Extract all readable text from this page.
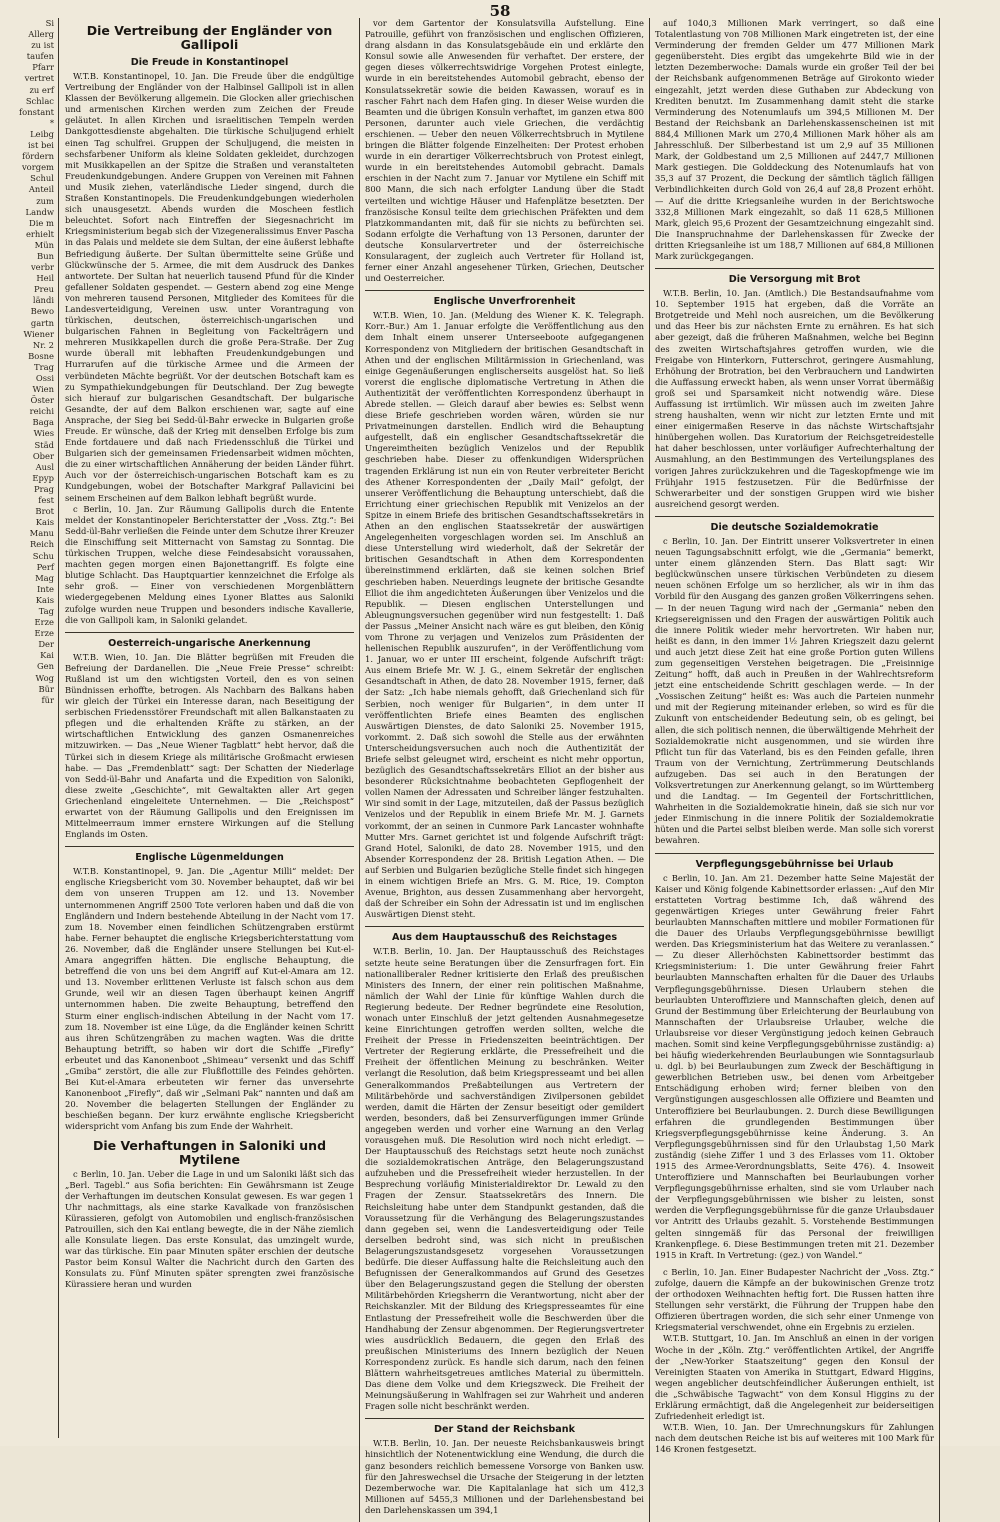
58

Si

Allerg

zu ist

taufen

Pfarr

vertret

zu erf

Schlac

fonstant

*

Leibg

ist bei

fördern

vorgem

Schul

Anteil

zum

Landw

Die m

erhielt

Mün

Bun

verbr

Heil

Preu

ländi

Bewo

gartn

Wiener

Nr. 2

Bosne

Trag

Ossi

Wien

Öster

reichi

Baga

Wies

Städ

Ober

Ausl

Epyp

Prag

fest

Brot

Kais

Manu

Reich

Schu

Perf

Mag

Inte

Kais

Tag

Erze

Erze

Der

Kai

Gen

Wog

Bür

für

Die Vertreibung der Engländer von Gallipoli
Die Freude in Konstantinopel

W.T.B. Konstantinopel, 10. Jan. Die Freude über die endgültige Vertreibung der Engländer von der Halbinsel Gallipoli ist in allen Klassen der Bevölkerung allgemein. Die Glocken aller griechischen und armenischen Kirchen werden zum Zeichen der Freude geläutet. In allen Kirchen und israelitischen Tempeln werden Dankgottesdienste abgehalten. Die türkische Schuljugend erhielt einen Tag schulfrei. Gruppen der Schuljugend, die meisten in sechsfarbener Uniform als kleine Soldaten gekleidet, durchzogen mit Musikkapellen an der Spitze die Straßen und veranstalteten Freudenkundgebungen. Andere Gruppen von Vereinen mit Fahnen und Musik ziehen, vaterländische Lieder singend, durch die Straßen Konstantinopels. Die Freudenkundgebungen wiederholen sich unausgesetzt. Abends wurden die Moscheen festlich beleuchtet. Sofort nach Eintreffen der Siegesnachricht im Kriegsministerium begab sich der Vizegeneralissimus Enver Pascha in das Palais und meldete sie dem Sultan, der eine äußerst lebhafte Befriedigung äußerte. Der Sultan übermittelte seine Grüße und Glückwünsche der 5. Armee, die mit dem Ausdruck des Dankes antwortete. Der Sultan hat neuerlich tausend Pfund für die Kinder gefallener Soldaten gespendet. — Gestern abend zog eine Menge von mehreren tausend Personen, Mitglieder des Komitees für die Landesverteidigung, Vereinen usw. unter Vorantragung von türkischen, deutschen, österreichisch-ungarischen und bulgarischen Fahnen in Begleitung von Fackelträgern und mehreren Musikkapellen durch die große Pera-Straße. Der Zug wurde überall mit lebhaften Freudenkundgebungen und Hurrarufen auf die türkische Armee und die Armeen der verbündeten Mächte begrüßt. Vor der deutschen Botschaft kam es zu Sympathiekundgebungen für Deutschland. Der Zug bewegte sich hierauf zur bulgarischen Gesandtschaft. Der bulgarische Gesandte, der auf dem Balkon erschienen war, sagte auf eine Ansprache, der Sieg bei Sedd-ül-Bahr erwecke in Bulgarien große Freude. Er wünsche, daß der Krieg mit denselben Erfolge bis zum Ende fortdauere und daß nach Friedensschluß die Türkei und Bulgarien sich der gemeinsamen Friedensarbeit widmen möchten, die zu einer wirtschaftlichen Annäherung der beiden Länder führt. Auch vor der österreichisch-ungarischen Botschaft kam es zu Kundgebungen, wobei der Botschafter Markgraf Pallavicini bei seinem Erscheinen auf dem Balkon lebhaft begrüßt wurde.

c Berlin, 10. Jan. Zur Räumung Gallipolis durch die Entente meldet der Konstantinopeler Berichterstatter der „Voss. Ztg.“: Bei Sedd-ül-Bahr verließen die Feinde unter dem Schutze ihrer Kreuzer die Einschiffung seit Mitternacht von Samstag zu Sonntag. Die türkischen Truppen, welche diese Feindesabsicht voraussahen, machten gegen morgen einen Bajonettangriff. Es folgte eine blutige Schlacht. Das Hauptquartier kennzeichnet die Erfolge als sehr groß. — Einer von verschiedenen Morgenblättern wiedergegebenen Meldung eines Lyoner Blattes aus Saloniki zufolge wurden neue Truppen und besonders indische Kavallerie, die von Gallipoli kam, in Saloniki gelandet.

Oesterreich-ungarische Anerkennung

W.T.B. Wien, 10. Jan. Die Blätter begrüßen mit Freuden die Befreiung der Dardanellen. Die „Neue Freie Presse“ schreibt: Rußland ist um den wichtigsten Vorteil, den es von seinen Bündnissen erhoffte, betrogen. Als Nachbarn des Balkans haben wir gleich der Türkei ein Interesse daran, nach Beseitigung der serbischen Friedensstörer Freundschaft mit allen Balkanstaaten zu pflegen und die erhaltenden Kräfte zu stärken, an der wirtschaftlichen Entwicklung des ganzen Osmanenreiches mitzuwirken. — Das „Neue Wiener Tagblatt“ hebt hervor, daß die Türkei sich in diesem Kriege als militärische Großmacht erwiesen habe. — Das „Fremdenblatt“ sagt: Der Schatten der Niederlage von Sedd-ül-Bahr und Anafarta und die Expedition von Saloniki, diese zweite „Geschichte“, mit Gewaltakten aller Art gegen Griechenland eingeleitete Unternehmen. — Die „Reichspost“ erwartet von der Räumung Gallipolis und den Ereignissen im Mittelmeerraum immer ernstere Wirkungen auf die Stellung Englands im Osten.

Englische Lügenmeldungen

W.T.B. Konstantinopel, 9. Jan. Die „Agentur Milli“ meldet: Der englische Kriegsbericht vom 30. November behauptet, daß wir bei dem von unseren Truppen am 12. und 13. November unternommenen Angriff 2500 Tote verloren haben und daß die von Engländern und Indern bestehende Abteilung in der Nacht vom 17. zum 18. November einen feindlichen Schützengraben erstürmt habe. Ferner behauptet die englische Kriegsberichterstattung vom 26. November, daß die Engländer unsere Stellungen bei Kut-el-Amara angegriffen hätten. Die englische Behauptung, die betreffend die von uns bei dem Angriff auf Kut-el-Amara am 12. und 13. November erlittenen Verluste ist falsch schon aus dem Grunde, weil wir an diesen Tagen überhaupt keinen Angriff unternommen haben. Die zweite Behauptung, betreffend den Sturm einer englisch-indischen Abteilung in der Nacht vom 17. zum 18. November ist eine Lüge, da die Engländer keinen Schritt aus ihren Schützengräben zu machen wagten. Was die dritte Behauptung betrifft, so haben wir dort die Schiffe „Firefly“ erbeutet und das Kanonenboot „Shimeau“ versenkt und das Schiff „Gmiba“ zerstört, die alle zur Flußflottille des Feindes gehörten. Bei Kut-el-Amara erbeuteten wir ferner das unversehrte Kanonenboot „Firefly“, daß wir „Selmani Pak“ nannten und daß am 20. November die belagerten Stellungen der Engländer zu beschießen begann. Der kurz erwähnte englische Kriegsbericht widerspricht vom Anfang bis zum Ende der Wahrheit.

Die Verhaftungen in Saloniki und Mytilene

c Berlin, 10. Jan. Ueber die Lage in und um Saloniki läßt sich das „Berl. Tagebl.“ aus Sofia berichten: Ein Gewährsmann ist Zeuge der Verhaftungen im deutschen Konsulat gewesen. Es war gegen 1 Uhr nachmittags, als eine starke Kavalkade von französischen Kürassieren, gefolgt von Automobilen und englisch-französischen Patrouillen, sich den Kai entlang bewegte, die in der Nähe ziemlich alle Konsulate liegen. Das erste Konsulat, das umzingelt wurde, war das türkische. Ein paar Minuten später erschien der deutsche Pastor beim Konsul Walter die Nachricht durch den Garten des Konsulats zu. Fünf Minuten später sprengten zwei französische Kürassiere heran und wurden

vor dem Gartentor der Konsulatsvilla Aufstellung. Eine Patrouille, geführt von französischen und englischen Offizieren, drang alsdann in das Konsulatsgebäude ein und erklärte den Konsul sowie alle Anwesenden für verhaftet. Der erstere, der gegen dieses völkerrechtswidrige Vorgehen Protest einlegte, wurde in ein bereitstehendes Automobil gebracht, ebenso der Konsulatssekretär sowie die beiden Kawassen, worauf es in rascher Fahrt nach dem Hafen ging. In dieser Weise wurden die Beamten und die übrigen Konsuln verhaftet, im ganzen etwa 800 Personen, darunter auch viele Griechen, die verdächtig erschienen. — Ueber den neuen Völkerrechtsbruch in Mytilene bringen die Blätter folgende Einzelheiten: Der Protest erhoben wurde in ein derartiger Völkerrechtsbruch von Protest einlegt, wurde in ein bereitstehendes Automobil gebracht. Damals erschien in der Nacht zum 7. Januar vor Mytilene ein Schiff mit 800 Mann, die sich nach erfolgter Landung über die Stadt verteilten und wichtige Häuser und Hafenplätze besetzten. Der französische Konsul teilte dem griechischen Präfekten und dem Platzkommandanten mit, daß für sie nichts zu befürchten sei. Sodann erfolgte die Verhaftung von 13 Personen, darunter der deutsche Konsularvertreter und der österreichische Konsularagent, der zugleich auch Vertreter für Holland ist, ferner einer Anzahl angesehener Türken, Griechen, Deutscher und Oesterreicher.

Englische Unverfrorenheit

W.T.B. Wien, 10. Jan. (Meldung des Wiener K. K. Telegraph. Korr.-Bur.) Am 1. Januar erfolgte die Veröffentlichung aus den dem Inhalt einem unserer Unterseeboote aufgegangenen Korrespondenz von Mitgliedern der britischen Gesandtschaft in Athen und der englischen Militärmission in Griechenland, was einige Gegenäußerungen englischerseits ausgelöst hat. So ließ vorerst die englische diplomatische Vertretung in Athen die Authentizität der veröffentlichten Korrespondenz überhaupt in Abrede stellen. — Gleich darauf aber bewies es: Selbst wenn diese Briefe geschrieben worden wären, würden sie nur Privatmeinungen darstellen. Endlich wird die Behauptung aufgestellt, daß ein englischer Gesandtschaftssekretär die Ungereimtheiten bezüglich Venizelos und der Republik geschrieben habe. Dieser zu offenkundigen Widersprüchen tragenden Erklärung ist nun ein von Reuter verbreiteter Bericht des Athener Korrespondenten der „Daily Mail“ gefolgt, der unserer Veröffentlichung die Behauptung unterschiebt, daß die Errichtung einer griechischen Republik mit Venizelos an der Spitze in einem Briefe des britischen Gesandtschaftssekretärs in Athen an den englischen Staatssekretär der auswärtigen Angelegenheiten vorgeschlagen worden sei. Im Anschluß an diese Unterstellung wird wiederholt, daß der Sekretär der britischen Gesandtschaft in Athen dem Korrespondenten übereinstimmend erklärten, daß sie keinen solchen Brief geschrieben haben. Neuerdings leugnete der britische Gesandte Elliot die ihm angedichteten Äußerungen über Venizelos und die Republik. — Diesen englischen Unterstellungen und Ableugnungsversuchen gegenüber wird nun festgestellt: 1. Daß der Passus „Meiner Ansicht nach wäre es gut bleiben, den König vom Throne zu verjagen und Venizelos zum Präsidenten der hellenischen Republik auszurufen“, in der Veröffentlichung vom 1. Januar, wo er unter III erscheint, folgende Aufschrift trägt: Aus einem Briefe Mr. W. J. G., einem Sekretär der englischen Gesandtschaft in Athen, de dato 28. November 1915, ferner, daß der Satz: „Ich habe niemals gehofft, daß Griechenland sich für Serbien, noch weniger für Bulgarien“, in dem unter II veröffentlichten Briefe eines Beamten des englischen Auswärtigen Dienstes, de dato Saloniki 25. November 1915, vorkommt. 2. Daß sich sowohl die Stelle aus der erwähnten Unterscheidungsversuchen auch noch die Authentizität der Briefe selbst geleugnet wird, erscheint es nicht mehr opportun, bezüglich des Gesandtschaftssekretärs Elliot an der bisher aus besonderer Rücksichtnahme beobachteten Gepflogenheit der vollen Namen der Adressaten und Schreiber länger festzuhalten. Wir sind somit in der Lage, mitzuteilen, daß der Passus bezüglich Venizelos und der Republik in einem Briefe Mr. M. J. Garnets vorkommt, der an seinen in Cunmore Park Lancaster wohnhafte Mutter Mrs. Garnet gerichtet ist und folgende Aufschrift trägt: Grand Hotel, Saloniki, de dato 28. November 1915, und den Absender Korrespondenz der 28. British Legation Athen. — Die auf Serbien und Bulgarien bezügliche Stelle findet sich hingegen in einem wichtigen Briefe an Mrs. G. M. Rice, 19. Compton Avenue, Brighton, aus dessen Zusammenhang aber hervorgeht, daß der Schreiber ein Sohn der Adressatin ist und im englischen Auswärtigen Dienst steht.

Aus dem Hauptausschuß des Reichstages

W.T.B. Berlin, 10. Jan. Der Hauptausschuß des Reichstages setzte heute seine Beratungen über die Zensurfragen fort. Ein nationalliberaler Redner kritisierte den Erlaß des preußischen Ministers des Innern, der einer rein politischen Maßnahme, nämlich der Wahl der Linie für künftige Wahlen durch die Regierung bedeute. Der Redner begründete eine Resolution, wonach unter Einschluß der jetzt geltenden Ausnahmegesetze keine Einrichtungen getroffen werden sollten, welche die Freiheit der Presse in Friedenszeiten beeinträchtigen. Der Vertreter der Regierung erklärte, die Pressefreiheit und die Freiheit der öffentlichen Meinung zu beschränken. Weiter verlangt die Resolution, daß beim Kriegspresseamt und bei allen Generalkommandos Preßabteilungen aus Vertretern der Militärbehörde und sachverständigen Zivilpersonen gebildet werden, damit die Härten der Zensur beseitigt oder gemildert werden, besonders, daß bei Zensurverfügungen immer Gründe angegeben werden und vorher eine Warnung an den Verlag vorausgehen muß. Die Resolution wird noch nicht erledigt. — Der Hauptausschuß des Reichstags setzt heute noch zunächst die sozialdemokratischen Anträge, den Belagerungszustand aufzuheben und die Pressefreiheit wieder herzustellen. In der Besprechung vorläufig Ministerialdirektor Dr. Lewald zu den Fragen der Zensur. Staatssekretärs des Innern. Die Reichsleitung habe unter dem Standpunkt gestanden, daß die Voraussetzung für die Verhängung des Belagerungszustandes dann gegeben sei, wenn die Landesverteidigung oder Teile derselben bedroht sind, was sich nicht in preußischen Belagerungszustandsgesetz vorgesehen Voraussetzungen bedürfe. Die dieser Auffassung halte die Reichsleitung auch den Befugnissen der Generalkommandos auf Grund des Gesetzes über den Belagerungszustand gegen die Stellung der obersten Militärbehörden Kriegsherrn die Verantwortung, nicht aber der Reichskanzler. Mit der Bildung des Kriegspresseamtes für eine Entlastung der Pressefreiheit wolle die Beschwerden über die Handhabung der Zensur abgenommen. Der Regierungsvertreter wies ausdrücklich Bedauern, die gegen den Erlaß des preußischen Ministeriums des Innern bezüglich der Neuen Korrespondenz zurück. Es handle sich darum, nach den feinen Blättern wahrheitsgetreues amtliches Material zu übermitteln. Das diene dem Volke und dem Kriegszweck. Die Freiheit der Meinungsäußerung in Wahlfragen sei zur Wahrheit und anderen Fragen solle nicht beschränkt werden.

Der Stand der Reichsbank

W.T.B. Berlin, 10. Jan. Der neueste Reichsbankausweis bringt hinsichtlich der Notenentwicklung eine Wendung, die durch die ganz besonders reichlich bemessene Vorsorge von Banken usw. für den Jahreswechsel die Ursache der Steigerung in der letzten Dezemberwoche war. Die Kapitalanlage hat sich um 412,3 Millionen auf 5455,3 Millionen und der Darlehensbestand bei den Darlehenskassen um 394,1

auf 1040,3 Millionen Mark verringert, so daß eine Totalentlastung von 708 Millionen Mark eingetreten ist, der eine Verminderung der fremden Gelder um 477 Millionen Mark gegenübersteht. Dies ergibt das umgekehrte Bild wie in der letzten Dezemberwoche: Damals wurde ein großer Teil der bei der Reichsbank aufgenommenen Beträge auf Girokonto wieder eingezahlt, jetzt werden diese Guthaben zur Abdeckung von Krediten benutzt. Im Zusammenhang damit steht die starke Verminderung des Notenumlaufs um 394,5 Millionen M. Der Bestand der Reichsbank an Darlehenskassenscheinen ist mit 884,4 Millionen Mark um 270,4 Millionen Mark höher als am Jahresschluß. Der Silberbestand ist um 2,9 auf 35 Millionen Mark, der Goldbestand um 2,5 Millionen auf 2447,7 Millionen Mark gestiegen. Die Golddeckung des Notenumlaufs hat von 35,3 auf 37 Prozent, die Deckung der sämtlich täglich fälligen Verbindlichkeiten durch Gold von 26,4 auf 28,8 Prozent erhöht. — Auf die dritte Kriegsanleihe wurden in der Berichtswoche 332,8 Millionen Mark eingezahlt, so daß 11 628,5 Millionen Mark, gleich 95,6 Prozent der Gesamtzeichnung eingezahlt sind. Die Inanspruchnahme der Darlehenskassen für Zwecke der dritten Kriegsanleihe ist um 188,7 Millionen auf 684,8 Millionen Mark zurückgegangen.

Die Versorgung mit Brot

W.T.B. Berlin, 10. Jan. (Amtlich.) Die Bestandsaufnahme vom 10. September 1915 hat ergeben, daß die Vorräte an Brotgetreide und Mehl noch ausreichen, um die Bevölkerung und das Heer bis zur nächsten Ernte zu ernähren. Es hat sich aber gezeigt, daß die früheren Maßnahmen, welche bei Beginn des zweiten Wirtschaftsjahres getroffen wurden, wie die Freigabe von Hinterkorn, Futterschrot, geringere Ausmahlung, Erhöhung der Brotration, bei den Verbrauchern und Landwirten die Auffassung erweckt haben, als wenn unser Vorrat übermäßig groß sei und Sparsamkeit nicht notwendig wäre. Diese Auffassung ist irrtümlich. Wir müssen auch im zweiten Jahre streng haushalten, wenn wir nicht zur letzten Ernte und mit einer einigermaßen Reserve in das nächste Wirtschaftsjahr hinübergehen wollen. Das Kuratorium der Reichsgetreidestelle hat daher beschlossen, unter vorläufiger Aufrechterhaltung der Ausmahlung, an den Bestimmungen des Verteilungsplanes des vorigen Jahres zurückzukehren und die Tageskopfmenge wie im Frühjahr 1915 festzusetzen. Für die Bedürfnisse der Schwerarbeiter und der sonstigen Gruppen wird wie bisher ausreichend gesorgt werden.

Die deutsche Sozialdemokratie

c Berlin, 10. Jan. Der Eintritt unserer Volksvertreter in einen neuen Tagungsabschnitt erfolgt, wie die „Germania“ bemerkt, unter einem glänzenden Stern. Das Blatt sagt: Wir beglückwünschen unsere türkischen Verbündeten zu diesem neuen schönen Erfolge um so herzlicher, als wir in ihm das Vorbild für den Ausgang des ganzen großen Völkerringens sehen. — In der neuen Tagung wird nach der „Germania“ neben den Kriegsereignissen und den Fragen der auswärtigen Politik auch die innere Politik wieder mehr hervortreten. Wir haben nur, heißt es dann, in den immer 1½ Jahren Kriegszeit dazu gelernt und auch jetzt diese Zeit hat eine große Portion guten Willens zum gegenseitigen Verstehen beigetragen. Die „Freisinnige Zeitung“ hofft, daß auch in Preußen in der Wahlrechtsreform jetzt eine entscheidende Schritt geschlagen werde. — In der „Vossischen Zeitung“ heißt es: Was auch die Parteien nunmehr und mit der Regierung miteinander erleben, so wird es für die Zukunft von entscheidender Bedeutung sein, ob es gelingt, bei allen, die sich politisch nennen, die überwältigende Mehrheit der Sozialdemokratie nicht ausgenommen, und sie würden ihre Pflicht tun für das Vaterland, bis es den Feinden gefalle, ihren Traum von der Vernichtung, Zertrümmerung Deutschlands aufzugeben. Das sei auch in den Beratungen der Volksvertretungen zur Anerkennung gelangt, so im Württemberg und die Landtag. — Im Gegenteil der Fortschrittlichen, Wahrheiten in die Sozialdemokratie hinein, daß sie sich nur vor jeder Einmischung in die innere Politik der Sozialdemokratie hüten und die Partei selbst bleiben werde. Man solle sich vorerst bewahren.

Verpflegungsgebührnisse bei Urlaub

c Berlin, 10. Jan. Am 21. Dezember hatte Seine Majestät der Kaiser und König folgende Kabinettsorder erlassen: „Auf den Mir erstatteten Vortrag bestimme Ich, daß während des gegenwärtigen Krieges unter Gewährung freier Fahrt beurlaubten Mannschaften mittlere und mobiler Formationen für die Dauer des Urlaubs Verpflegungsgebührnisse bewilligt werden. Das Kriegsministerium hat das Weitere zu veranlassen.“ — Zu dieser Allerhöchsten Kabinettsorder bestimmt das Kriegsministerium: 1. Die unter Gewährung freier Fahrt beurlaubten Mannschaften erhalten für die Dauer des Urlaubs Verpflegungsgebührnisse. Diesen Urlaubern stehen die beurlaubten Unteroffiziere und Mannschaften gleich, denen auf Grund der Bestimmung über Erleichterung der Beurlaubung von Mannschaften der Urlaubsreise Urlauber, welche die Urlaubsreise vor dieser Vergünstigung jedoch keinen Gebrauch machen. Somit sind keine Verpflegungsgebührnisse zuständig: a) bei häufig wiederkehrenden Beurlaubungen wie Sonntagsurlaub u. dgl. b) bei Beurlaubungen zum Zweck der Beschäftigung in gewerblichen Betrieben usw., bei denen vom Arbeitgeber Entschädigung erhoben wird; ferner bleiben von den Vergünstigungen ausgeschlossen alle Offiziere und Beamten und Unteroffiziere bei Beurlaubungen. 2. Durch diese Bewilligungen erfahren die grundlegenden Bestimmungen über Kriegsverpflegungsgebührnisse keine Änderung. 3. An Verpflegungsgebührnissen sind für den Urlaubstag 1,50 Mark zuständig (siehe Ziffer 1 und 3 des Erlasses vom 11. Oktober 1915 des Armee-Verordnungsblatts, Seite 476). 4. Insoweit Unteroffiziere und Mannschaften bei Beurlaubungen vorher Verpflegungsgebührnisse erhalten, sind sie vom Urlauber nach der Verpflegungsgebührnissen wie bisher zu leisten, sonst werden die Verpflegungsgebührnisse für die ganze Urlaubsdauer vor Antritt des Urlaubs gezahlt. 5. Vorstehende Bestimmungen gelten sinngemäß für das Personal der freiwilligen Krankenpflege. 6. Diese Bestimmungen treten mit 21. Dezember 1915 in Kraft. In Vertretung: (gez.) von Wandel.“

c Berlin, 10. Jan. Einer Budapester Nachricht der „Voss. Ztg.“ zufolge, dauern die Kämpfe an der bukowinischen Grenze trotz der orthodoxen Weihnachten heftig fort. Die Russen hatten ihre Stellungen sehr verstärkt, die Führung der Truppen habe den Offizieren übertragen worden, die sich sehr einer Unmenge von Kriegsmaterial verschwendet, ohne ein Ergebnis zu erzielen.

W.T.B. Stuttgart, 10. Jan. Im Anschluß an einen in der vorigen Woche in der „Köln. Ztg.“ veröffentlichten Artikel, der Angriffe der „New-Yorker Staatszeitung“ gegen den Konsul der Vereinigten Staaten von Amerika in Stuttgart, Edward Higgins, wegen angeblicher deutschfeindlicher Äußerungen enthielt, ist die „Schwäbische Tagwacht“ von dem Konsul Higgins zu der Erklärung ermächtigt, daß die Angelegenheit zur beiderseitigen Zufriedenheit erledigt ist.

W.T.B. Wien, 10. Jan. Der Umrechnungskurs für Zahlungen nach dem deutschen Reiche ist bis auf weiteres mit 100 Mark für 146 Kronen festgesetzt.
